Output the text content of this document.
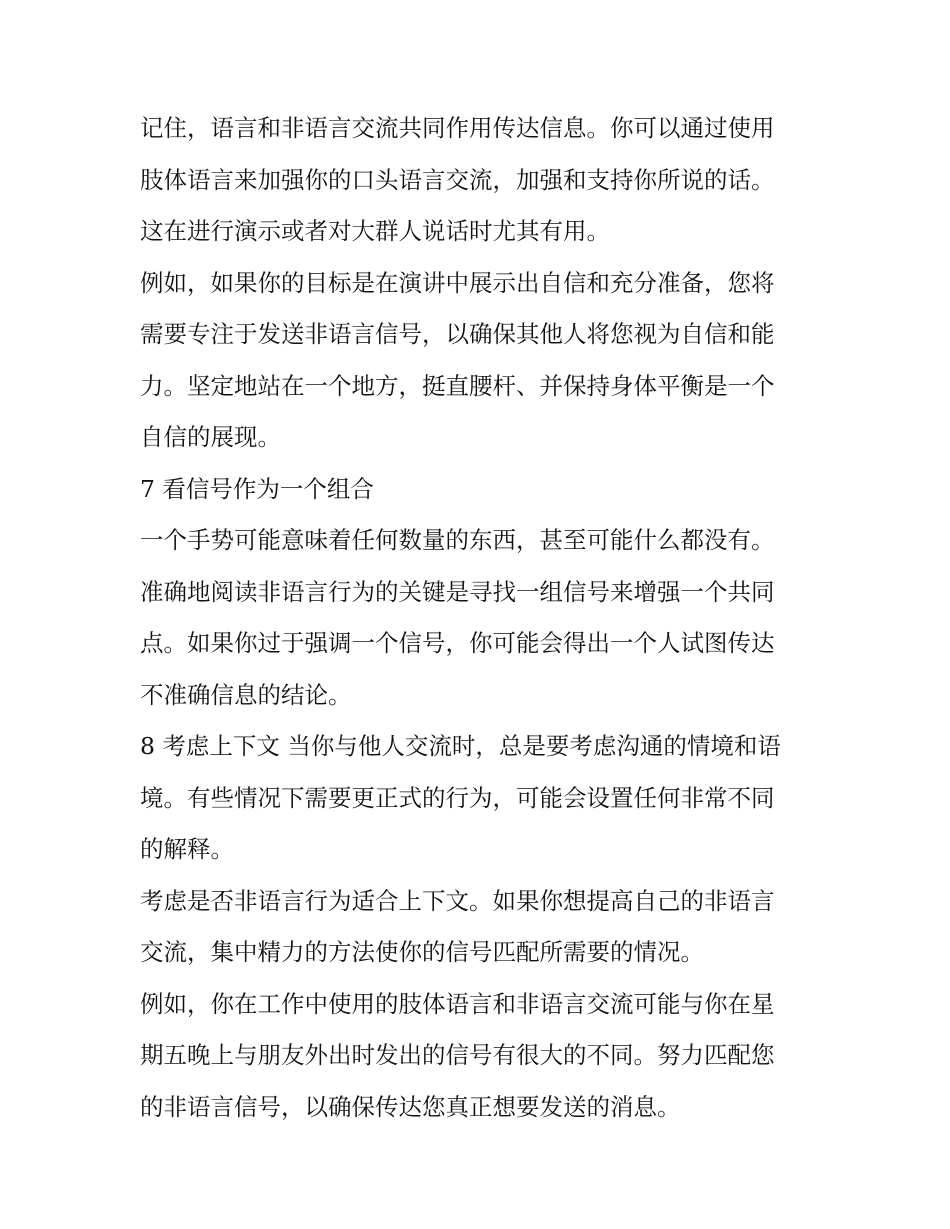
记住，语言和非语言交流共同作用传达信息。你可以通过使用
肢体语言来加强你的口头语言交流，加强和支持你所说的话。
这在进行演示或者对大群人说话时尤其有用。
例如，如果你的目标是在演讲中展示出自信和充分准备，您将
需要专注于发送非语言信号，以确保其他人将您视为自信和能
力。坚定地站在一个地方，挺直腰杆、并保持身体平衡是一个
自信的展现。
7 看信号作为一个组合
一个手势可能意味着任何数量的东西，甚至可能什么都没有。
准确地阅读非语言行为的关键是寻找一组信号来增强一个共同
点。如果你过于强调一个信号，你可能会得出一个人试图传达
不准确信息的结论。
8 考虑上下文 当你与他人交流时，总是要考虑沟通的情境和语
境。有些情况下需要更正式的行为，可能会设置任何非常不同
的解释。
考虑是否非语言行为适合上下文。如果你想提高自己的非语言
交流，集中精力的方法使你的信号匹配所需要的情况。
例如，你在工作中使用的肢体语言和非语言交流可能与你在星
期五晚上与朋友外出时发出的信号有很大的不同。努力匹配您
的非语言信号，以确保传达您真正想要发送的消息。
